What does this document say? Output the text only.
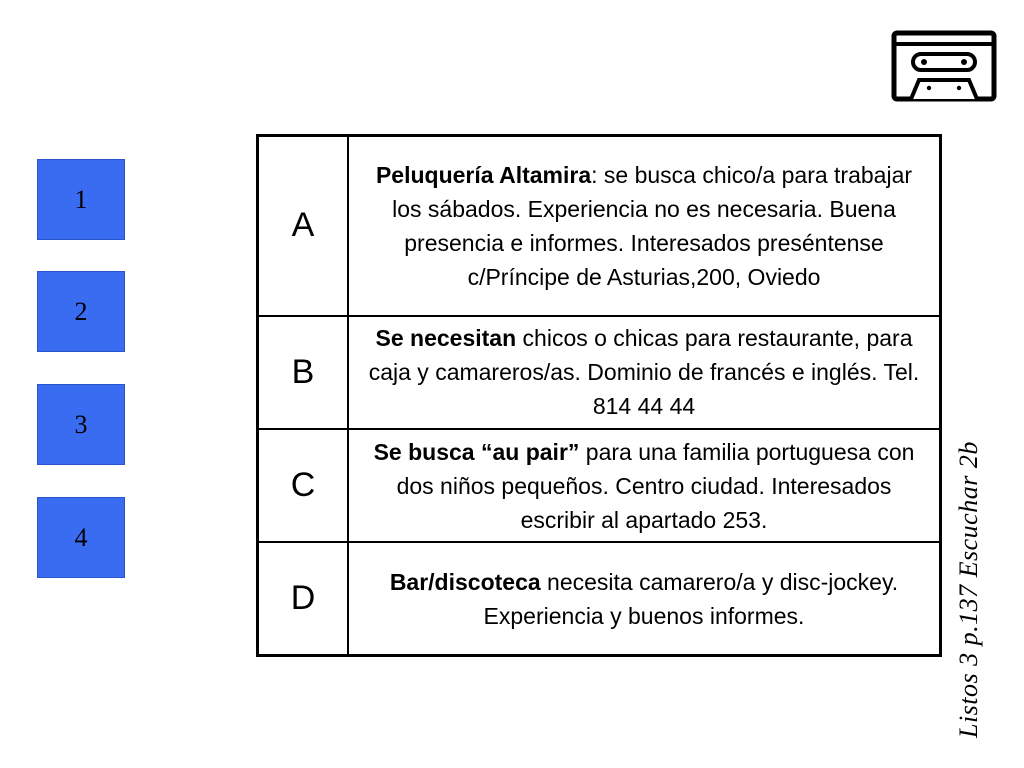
1
2
3
4
A	Peluquería Altamira: se busca chico/a para trabajar los sábados. Experiencia no es necesaria. Buena presencia e informes. Interesados preséntense c/Príncipe de Asturias,200, Oviedo
B	Se necesitan chicos o chicas para restaurante, para caja y camareros/as. Dominio de francés e inglés. Tel. 814 44 44
C	Se busca “au pair” para una familia portuguesa con dos niños pequeños. Centro ciudad. Interesados escribir al apartado 253.
D	Bar/discoteca necesita camarero/a y disc-jockey. Experiencia y buenos informes.	Listos 3 p.137 Escuchar 2b
